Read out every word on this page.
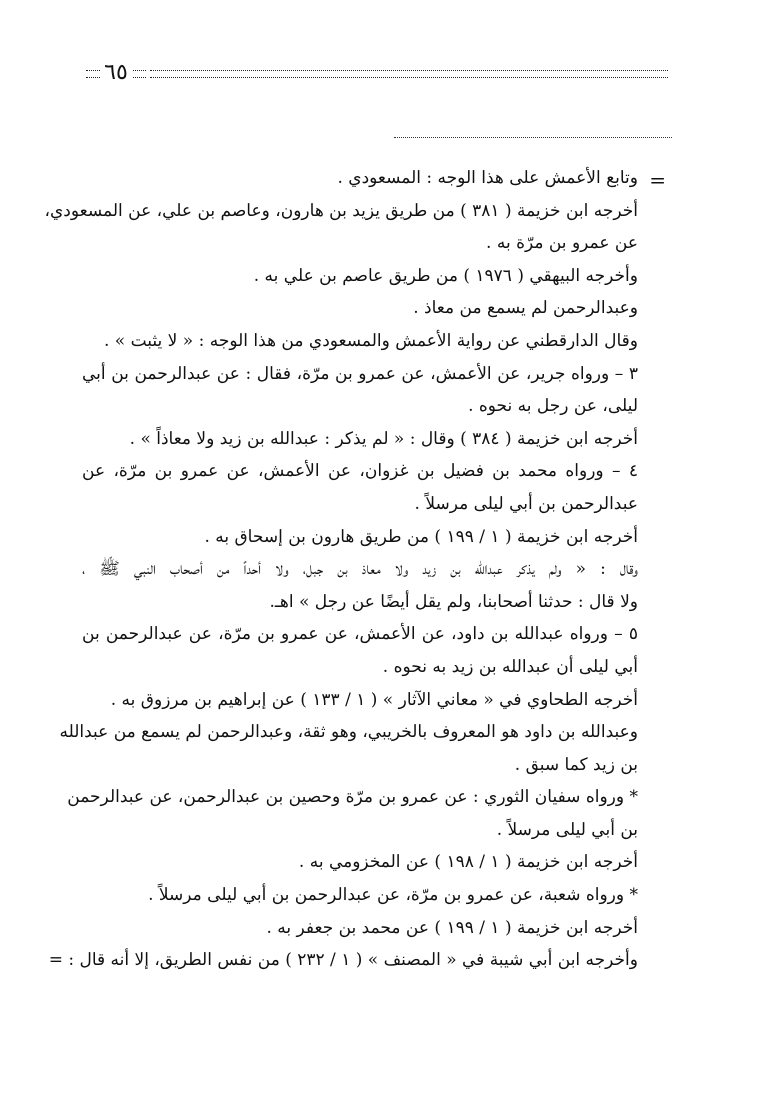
٦٥
=
وتابع الأعمش على هذا الوجه : المسعودي .
أخرجه ابن خزيمة ( ٣٨١ ) من طريق يزيد بن هارون، وعاصم بن علي، عن المسعودي،
عن عمرو بن مرّة به .
وأخرجه البيهقي ( ١٩٧٦ ) من طريق عاصم بن علي به .
وعبدالرحمن لم يسمع من معاذ .
وقال الدارقطني عن رواية الأعمش والمسعودي من هذا الوجه : « لا يثبت » .
٣ – ورواه جرير، عن الأعمش، عن عمرو بن مرّة، فقال : عن عبدالرحمن بن أبي
ليلى، عن رجل به نحوه .
أخرجه ابن خزيمة ( ٣٨٤ ) وقال : « لم يذكر : عبدالله بن زيد ولا معاذاً » .
٤ – ورواه محمد بن فضيل بن غزوان، عن الأعمش، عن عمرو بن مرّة، عن
عبدالرحمن بن أبي ليلى مرسلاً .
أخرجه ابن خزيمة ( ١ / ١٩٩ ) من طريق هارون بن إسحاق به .
وقال : « ولم يذكر عبدالله بن زيد ولا معاذ بن جبل، ولا أحداً من أصحاب النبي ﷺ ،
ولا قال : حدثنا أصحابنا، ولم يقل أيضًا عن رجل » اهـ.
٥ – ورواه عبدالله بن داود، عن الأعمش، عن عمرو بن مرّة، عن عبدالرحمن بن
أبي ليلى أن عبدالله بن زيد به نحوه .
أخرجه الطحاوي في « معاني الآثار » ( ١ / ١٣٣ ) عن إبراهيم بن مرزوق به .
وعبدالله بن داود هو المعروف بالخريبي، وهو ثقة، وعبدالرحمن لم يسمع من عبدالله
بن زيد كما سبق .
* ورواه سفيان الثوري : عن عمرو بن مرّة وحصين بن عبدالرحمن، عن عبدالرحمن
بن أبي ليلى مرسلاً .
أخرجه ابن خزيمة ( ١ / ١٩٨ ) عن المخزومي به .
* ورواه شعبة، عن عمرو بن مرّة، عن عبدالرحمن بن أبي ليلى مرسلاً .
أخرجه ابن خزيمة ( ١ / ١٩٩ ) عن محمد بن جعفر به .
وأخرجه ابن أبي شيبة في « المصنف » ( ١ / ٢٣٢ ) من نفس الطريق، إلا أنه قال : =
